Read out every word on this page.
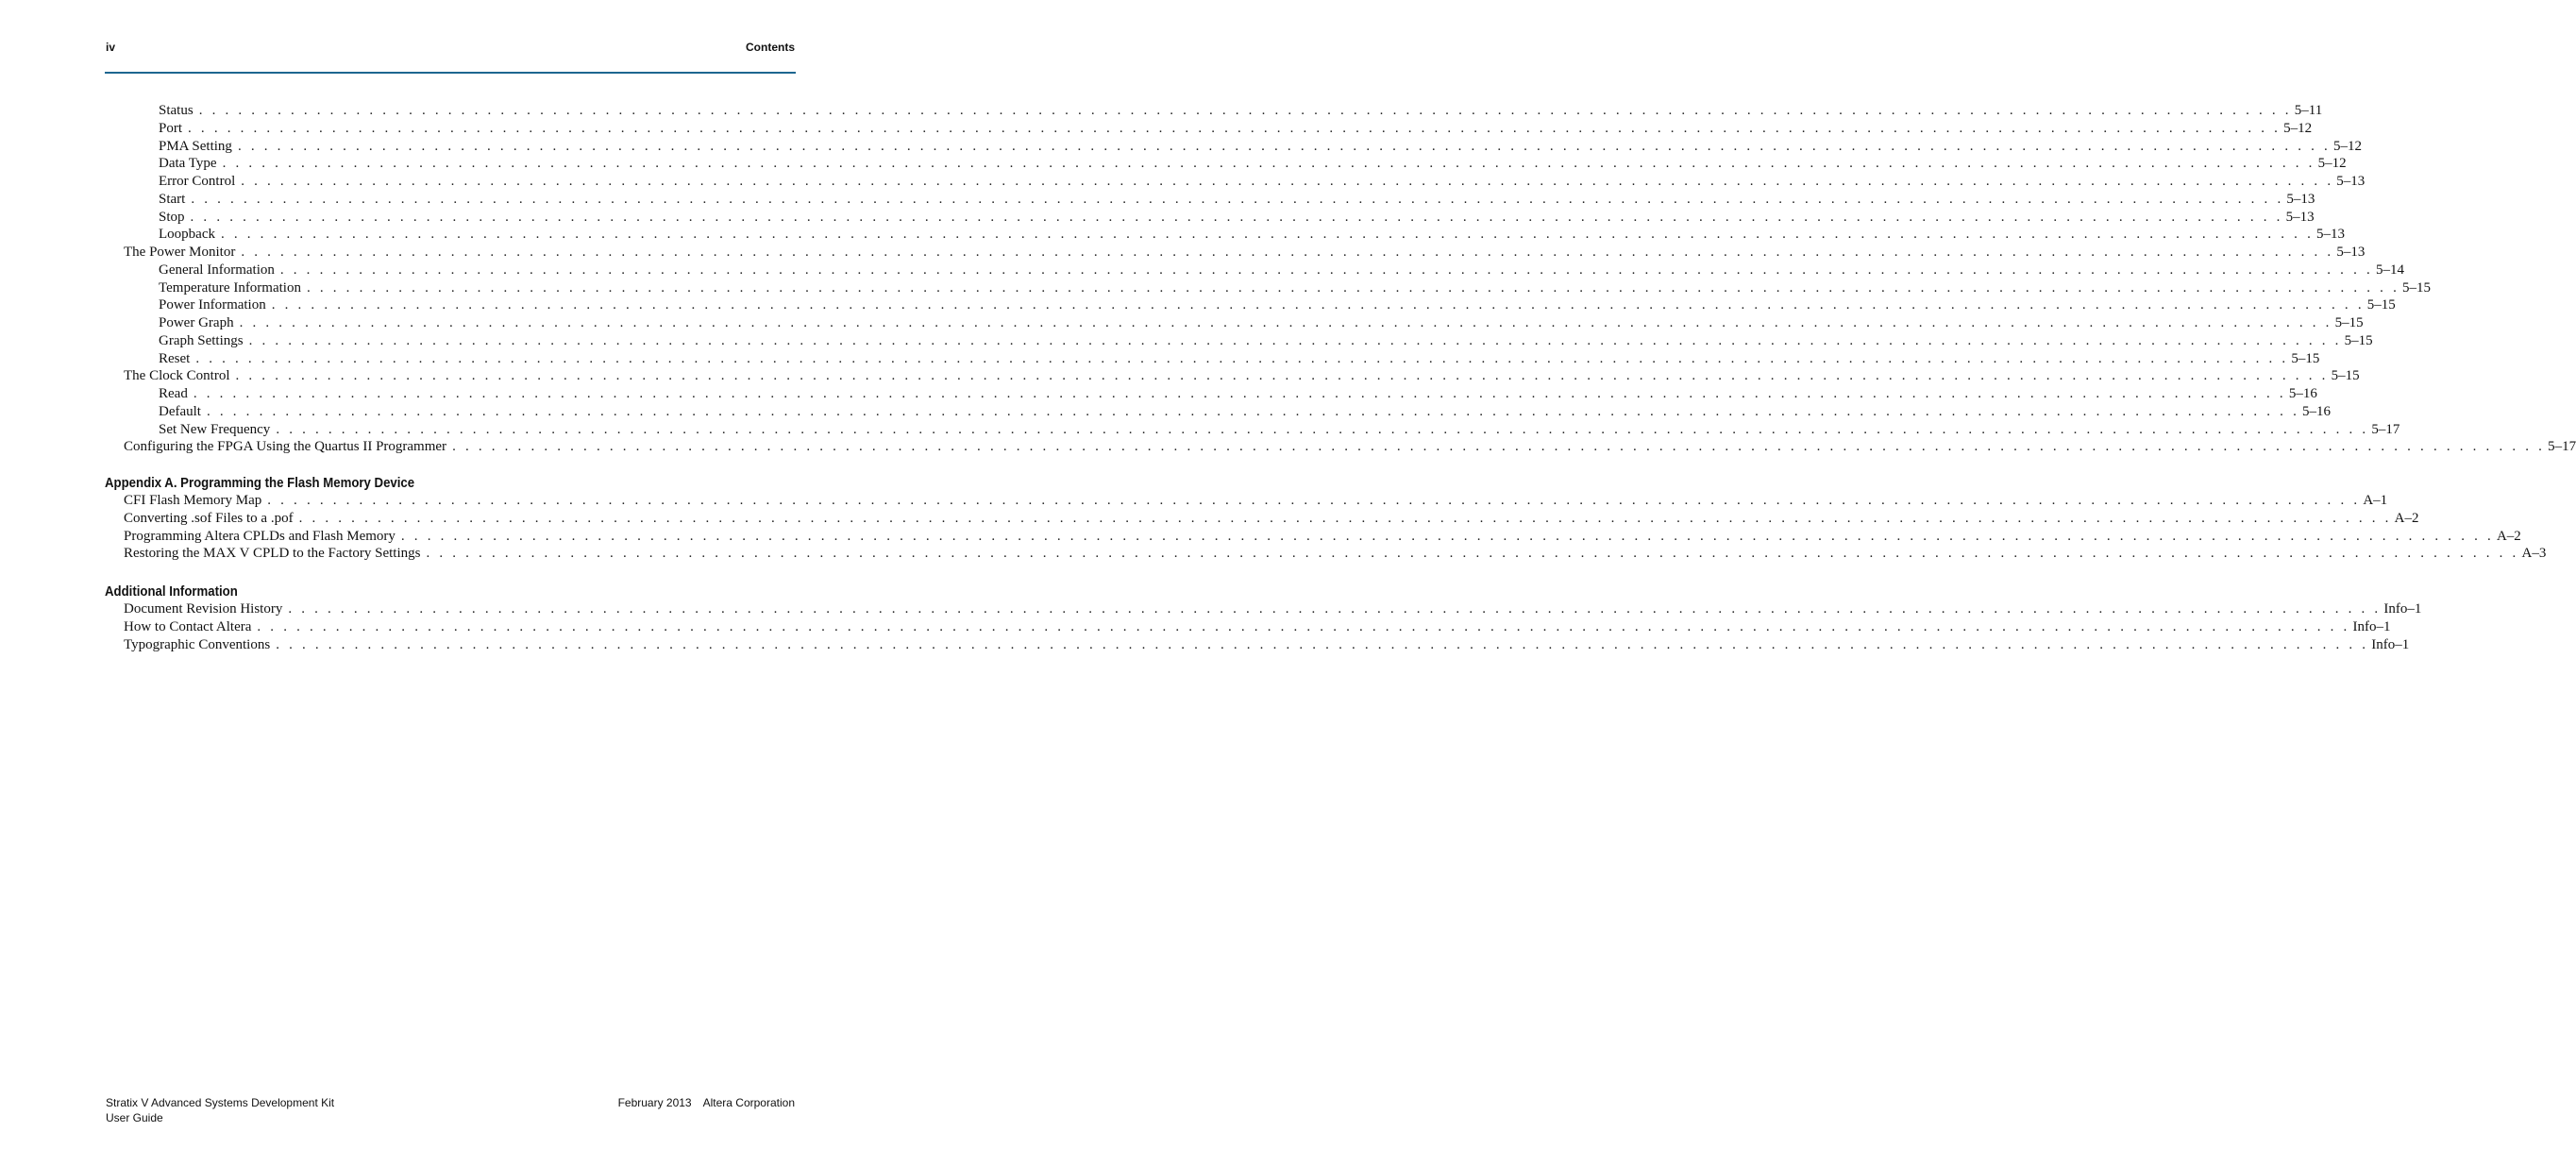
iv	Contents
Status . . . . . . . . . . . . . . . . . . . . . . . . . . . . . . . . . . . . . . . . . . . . . . . . . . . . . . . . . . . . . . . . . . . . . . . . . . . . . . . . . . . . . . . . . . . . . . . . . . . . . . . . . . . . . . . . . . . . . . . . . . . . . . . . . . . . . . . . . . . . . . . . . . . . . . . . . . . . . . . . 5–11
Port . . . . . . . . . . . . . . . . . . . . . . . . . . . . . . . . . . . . . . . . . . . . . . . . . . . . . . . . . . . . . . . . . . . . . . . . . . . . . . . . . . . . . . . . . . . . . . . . . . . . . . . . . . . . . . . . . . . . . . . . . . . . . . . . . . . . . . . . . . . . . . . . . . . . . . . . . . . . . . . . 5–12
PMA Setting . . . . . . . . . . . . . . . . . . . . . . . . . . . . . . . . . . . . . . . . . . . . . . . . . . . . . . . . . . . . . . . . . . . . . . . . . . . . . . . . . . . . . . . . . . . . . . . . . . . . . . . . . . . . . . . . . . . . . . . . . . . . . . . . . . . . . . . . . . . . . . . . . . . . . . . . . . . . . . . . 5–12
Data Type . . . . . . . . . . . . . . . . . . . . . . . . . . . . . . . . . . . . . . . . . . . . . . . . . . . . . . . . . . . . . . . . . . . . . . . . . . . . . . . . . . . . . . . . . . . . . . . . . . . . . . . . . . . . . . . . . . . . . . . . . . . . . . . . . . . . . . . . . . . . . . . . . . . . . . . . . . . . . . . . 5–12
Error Control . . . . . . . . . . . . . . . . . . . . . . . . . . . . . . . . . . . . . . . . . . . . . . . . . . . . . . . . . . . . . . . . . . . . . . . . . . . . . . . . . . . . . . . . . . . . . . . . . . . . . . . . . . . . . . . . . . . . . . . . . . . . . . . . . . . . . . . . . . . . . . . . . . . . . . . . . . . . . . . . 5–13
Start . . . . . . . . . . . . . . . . . . . . . . . . . . . . . . . . . . . . . . . . . . . . . . . . . . . . . . . . . . . . . . . . . . . . . . . . . . . . . . . . . . . . . . . . . . . . . . . . . . . . . . . . . . . . . . . . . . . . . . . . . . . . . . . . . . . . . . . . . . . . . . . . . . . . . . . . . . . . . . . . 5–13
Stop . . . . . . . . . . . . . . . . . . . . . . . . . . . . . . . . . . . . . . . . . . . . . . . . . . . . . . . . . . . . . . . . . . . . . . . . . . . . . . . . . . . . . . . . . . . . . . . . . . . . . . . . . . . . . . . . . . . . . . . . . . . . . . . . . . . . . . . . . . . . . . . . . . . . . . . . . . . . . . . . 5–13
Loopback . . . . . . . . . . . . . . . . . . . . . . . . . . . . . . . . . . . . . . . . . . . . . . . . . . . . . . . . . . . . . . . . . . . . . . . . . . . . . . . . . . . . . . . . . . . . . . . . . . . . . . . . . . . . . . . . . . . . . . . . . . . . . . . . . . . . . . . . . . . . . . . . . . . . . . . . . . . . . . . . 5–13
The Power Monitor . . . . . . . . . . . . . . . . . . . . . . . . . . . . . . . . . . . . . . . . . . . . . . . . . . . . . . . . . . . . . . . . . . . . . . . . . . . . . . . . . . . . . . . . . . . . . . . . . . . . . . . . . . . . . . . . . . . . . . . . . . . . . . . . . . . . . . . . . . . . . . . . . . . . . . . . . . . . . . . . 5–13
General Information . . . . . . . . . . . . . . . . . . . . . . . . . . . . . . . . . . . . . . . . . . . . . . . . . . . . . . . . . . . . . . . . . . . . . . . . . . . . . . . . . . . . . . . . . . . . . . . . . . . . . . . . . . . . . . . . . . . . . . . . . . . . . . . . . . . . . . . . . . . . . . . . . . . . . . . . . . . . . . . . 5–14
Temperature Information . . . . . . . . . . . . . . . . . . . . . . . . . . . . . . . . . . . . . . . . . . . . . . . . . . . . . . . . . . . . . . . . . . . . . . . . . . . . . . . . . . . . . . . . . . . . . . . . . . . . . . . . . . . . . . . . . . . . . . . . . . . . . . . . . . . . . . . . . . . . . . . . . . . . . . . . . . . . . . . . 5–15
Power Information . . . . . . . . . . . . . . . . . . . . . . . . . . . . . . . . . . . . . . . . . . . . . . . . . . . . . . . . . . . . . . . . . . . . . . . . . . . . . . . . . . . . . . . . . . . . . . . . . . . . . . . . . . . . . . . . . . . . . . . . . . . . . . . . . . . . . . . . . . . . . . . . . . . . . . . . . . . . . . . . 5–15
Power Graph . . . . . . . . . . . . . . . . . . . . . . . . . . . . . . . . . . . . . . . . . . . . . . . . . . . . . . . . . . . . . . . . . . . . . . . . . . . . . . . . . . . . . . . . . . . . . . . . . . . . . . . . . . . . . . . . . . . . . . . . . . . . . . . . . . . . . . . . . . . . . . . . . . . . . . . . . . . . . . . . 5–15
Graph Settings . . . . . . . . . . . . . . . . . . . . . . . . . . . . . . . . . . . . . . . . . . . . . . . . . . . . . . . . . . . . . . . . . . . . . . . . . . . . . . . . . . . . . . . . . . . . . . . . . . . . . . . . . . . . . . . . . . . . . . . . . . . . . . . . . . . . . . . . . . . . . . . . . . . . . . . . . . . . . . . . 5–15
Reset . . . . . . . . . . . . . . . . . . . . . . . . . . . . . . . . . . . . . . . . . . . . . . . . . . . . . . . . . . . . . . . . . . . . . . . . . . . . . . . . . . . . . . . . . . . . . . . . . . . . . . . . . . . . . . . . . . . . . . . . . . . . . . . . . . . . . . . . . . . . . . . . . . . . . . . . . . . . . . . . 5–15
The Clock Control . . . . . . . . . . . . . . . . . . . . . . . . . . . . . . . . . . . . . . . . . . . . . . . . . . . . . . . . . . . . . . . . . . . . . . . . . . . . . . . . . . . . . . . . . . . . . . . . . . . . . . . . . . . . . . . . . . . . . . . . . . . . . . . . . . . . . . . . . . . . . . . . . . . . . . . . . . . . . . . . 5–15
Read . . . . . . . . . . . . . . . . . . . . . . . . . . . . . . . . . . . . . . . . . . . . . . . . . . . . . . . . . . . . . . . . . . . . . . . . . . . . . . . . . . . . . . . . . . . . . . . . . . . . . . . . . . . . . . . . . . . . . . . . . . . . . . . . . . . . . . . . . . . . . . . . . . . . . . . . . . . . . . . . 5–16
Default . . . . . . . . . . . . . . . . . . . . . . . . . . . . . . . . . . . . . . . . . . . . . . . . . . . . . . . . . . . . . . . . . . . . . . . . . . . . . . . . . . . . . . . . . . . . . . . . . . . . . . . . . . . . . . . . . . . . . . . . . . . . . . . . . . . . . . . . . . . . . . . . . . . . . . . . . . . . . . . . 5–16
Set New Frequency . . . . . . . . . . . . . . . . . . . . . . . . . . . . . . . . . . . . . . . . . . . . . . . . . . . . . . . . . . . . . . . . . . . . . . . . . . . . . . . . . . . . . . . . . . . . . . . . . . . . . . . . . . . . . . . . . . . . . . . . . . . . . . . . . . . . . . . . . . . . . . . . . . . . . . . . . . . . . . . . 5–17
Configuring the FPGA Using the Quartus II Programmer . . . . . . . . . . . . . . . . . . . . . . . . . . . . . . . . . . . . . . . . . . . . . . . . . . . . . . . . . . . . . . . . . . . . . . . . . . . . . . . . . . . . . . . . . . . . . . . . . . . . . . . . . . . . . . . . . . . . . . . . . . . . . . . . . . . . . . . . . . . . . . . . . . . . . . . . . . . . . . . . 5–17
Appendix A. Programming the Flash Memory Device
CFI Flash Memory Map . . . . . . . . . . . . . . . . . . . . . . . . . . . . . . . . . . . . . . . . . . . . . . . . . . . . . . . . . . . . . . . . . . . . . . . . . . . . . . . . . . . . . . . . . . . . . . . . . . . . . . . . . . . . . . . . . . . . . . . . . . . . . . . . . . . . . . . . . . . . . . . . . . . . . . . . . . . . . . . . A–1
Converting .sof Files to a .pof . . . . . . . . . . . . . . . . . . . . . . . . . . . . . . . . . . . . . . . . . . . . . . . . . . . . . . . . . . . . . . . . . . . . . . . . . . . . . . . . . . . . . . . . . . . . . . . . . . . . . . . . . . . . . . . . . . . . . . . . . . . . . . . . . . . . . . . . . . . . . . . . . . . . . . . . . . . . . . . . A–2
Programming Altera CPLDs and Flash Memory . . . . . . . . . . . . . . . . . . . . . . . . . . . . . . . . . . . . . . . . . . . . . . . . . . . . . . . . . . . . . . . . . . . . . . . . . . . . . . . . . . . . . . . . . . . . . . . . . . . . . . . . . . . . . . . . . . . . . . . . . . . . . . . . . . . . . . . . . . . . . . . . . . . . . . . . . . . . . . . . A–2
Restoring the MAX V CPLD to the Factory Settings . . . . . . . . . . . . . . . . . . . . . . . . . . . . . . . . . . . . . . . . . . . . . . . . . . . . . . . . . . . . . . . . . . . . . . . . . . . . . . . . . . . . . . . . . . . . . . . . . . . . . . . . . . . . . . . . . . . . . . . . . . . . . . . . . . . . . . . . . . . . . . . . . . . . . . . . . . . . . . . . A–3
Additional Information
Document Revision History . . . . . . . . . . . . . . . . . . . . . . . . . . . . . . . . . . . . . . . . . . . . . . . . . . . . . . . . . . . . . . . . . . . . . . . . . . . . . . . . . . . . . . . . . . . . . . . . . . . . . . . . . . . . . . . . . . . . . . . . . . . . . . . . . . . . . . . . . . . . . . . . . . . . . . . . . . . . . . . . Info–1
How to Contact Altera . . . . . . . . . . . . . . . . . . . . . . . . . . . . . . . . . . . . . . . . . . . . . . . . . . . . . . . . . . . . . . . . . . . . . . . . . . . . . . . . . . . . . . . . . . . . . . . . . . . . . . . . . . . . . . . . . . . . . . . . . . . . . . . . . . . . . . . . . . . . . . . . . . . . . . . . . . . . . . . . Info–1
Typographic Conventions . . . . . . . . . . . . . . . . . . . . . . . . . . . . . . . . . . . . . . . . . . . . . . . . . . . . . . . . . . . . . . . . . . . . . . . . . . . . . . . . . . . . . . . . . . . . . . . . . . . . . . . . . . . . . . . . . . . . . . . . . . . . . . . . . . . . . . . . . . . . . . . . . . . . . . . . . . . . . . . . Info–1
Stratix V Advanced Systems Development Kit
User Guide
February 2013 Altera Corporation
